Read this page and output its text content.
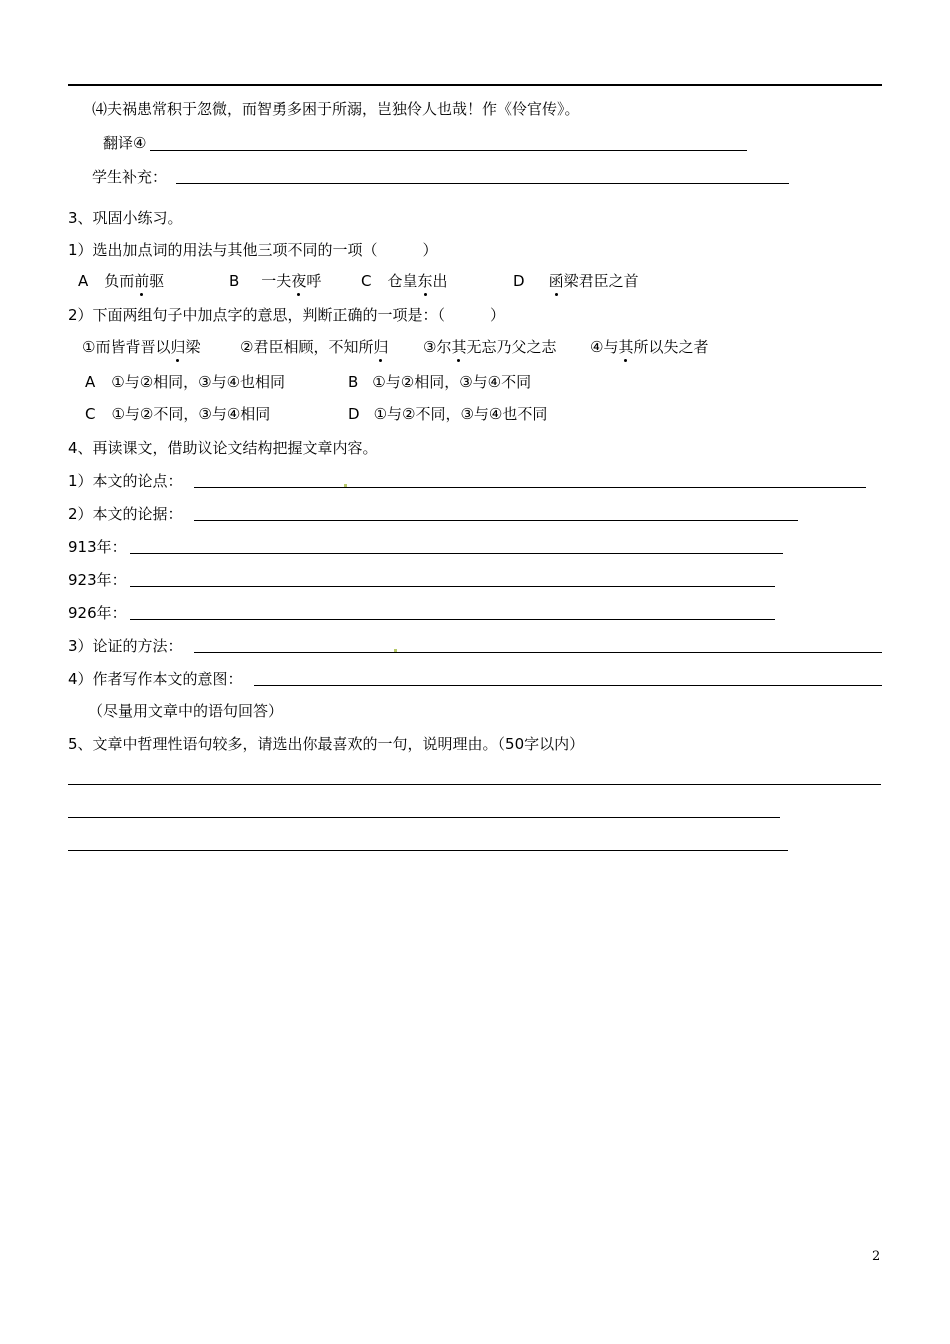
⑷夫祸患常积于忽微，而智勇多困于所溺，岂独伶人也哉！作《伶官传》。
翻译④
学生补充：
3、巩固小练习。
1）选出加点词的用法与其他三项不同的一项（　　　）
A 负而前驱	B 一夫夜呼	C 仓皇东出	D 函梁君臣之首
2）下面两组句子中加点字的意思，判断正确的一项是：（　　　）
①而皆背晋以归梁	②君臣相顾，不知所归 ③尔其无忘乃父之志 ④与其所以失之者
A ①与②相同，③与④也相同	B ①与②相同，③与④不同
C ①与②不同，③与④相同	D ①与②不同，③与④也不同
4、再读课文，借助议论文结构把握文章内容。
1）本文的论点：
2）本文的论据：
913年：
923年：
926年：
3）论证的方法：
4）作者写作本文的意图：
（尽量用文章中的语句回答）
5、文章中哲理性语句较多，请选出你最喜欢的一句，说明理由。（50字以内）
2
